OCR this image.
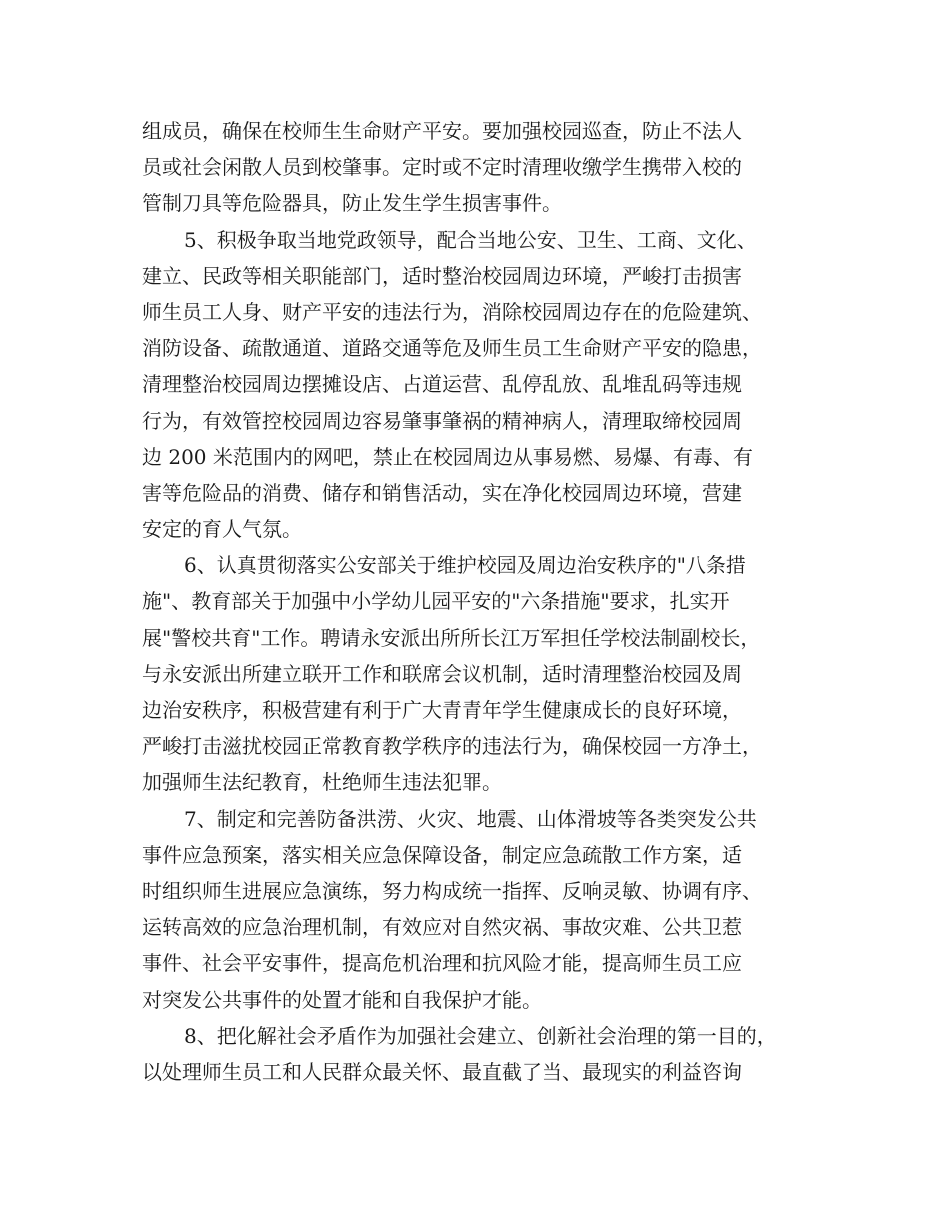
组成员，确保在校师生生命财产平安。要加强校园巡查，防止不法人
员或社会闲散人员到校肇事。定时或不定时清理收缴学生携带入校的
管制刀具等危险器具，防止发生学生损害事件。
5、积极争取当地党政领导，配合当地公安、卫生、工商、文化、
建立、民政等相关职能部门，适时整治校园周边环境，严峻打击损害
师生员工人身、财产平安的违法行为，消除校园周边存在的危险建筑、
消防设备、疏散通道、道路交通等危及师生员工生命财产平安的隐患，
清理整治校园周边摆摊设店、占道运营、乱停乱放、乱堆乱码等违规
行为，有效管控校园周边容易肇事肇祸的精神病人，清理取缔校园周
边 200 米范围内的网吧，禁止在校园周边从事易燃、易爆、有毒、有
害等危险品的消费、储存和销售活动，实在净化校园周边环境，营建
安定的育人气氛。
6、认真贯彻落实公安部关于维护校园及周边治安秩序的"八条措
施"、教育部关于加强中小学幼儿园平安的"六条措施"要求，扎实开
展"警校共育"工作。聘请永安派出所所长江万军担任学校法制副校长，
与永安派出所建立联开工作和联席会议机制，适时清理整治校园及周
边治安秩序，积极营建有利于广大青青年学生健康成长的良好环境，
严峻打击滋扰校园正常教育教学秩序的违法行为，确保校园一方净土，
加强师生法纪教育，杜绝师生违法犯罪。
7、制定和完善防备洪涝、火灾、地震、山体滑坡等各类突发公共
事件应急预案，落实相关应急保障设备，制定应急疏散工作方案，适
时组织师生进展应急演练，努力构成统一指挥、反响灵敏、协调有序、
运转高效的应急治理机制，有效应对自然灾祸、事故灾难、公共卫惹
事件、社会平安事件，提高危机治理和抗风险才能，提高师生员工应
对突发公共事件的处置才能和自我保护才能。
8、把化解社会矛盾作为加强社会建立、创新社会治理的第一目的，
以处理师生员工和人民群众最关怀、最直截了当、最现实的利益咨询
